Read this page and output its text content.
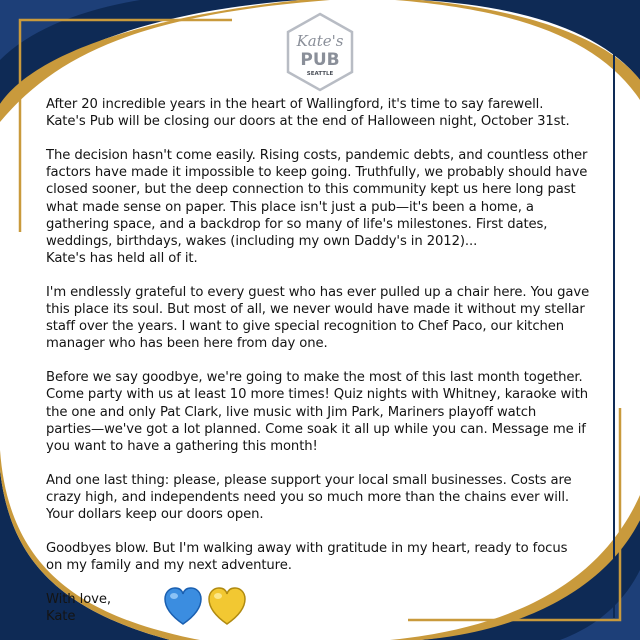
Kate's
PUB
SEATTLE

After 20 incredible years in the heart of Wallingford, it's time to say farewell.
Kate's Pub will be closing our doors at the end of Halloween night, October 31st.

The decision hasn't come easily. Rising costs, pandemic debts, and countless other
factors have made it impossible to keep going. Truthfully, we probably should have
closed sooner, but the deep connection to this community kept us here long past
what made sense on paper. This place isn't just a pub—it's been a home, a
gathering space, and a backdrop for so many of life's milestones. First dates,
weddings, birthdays, wakes (including my own Daddy's in 2012)...
Kate's has held all of it.

I'm endlessly grateful to every guest who has ever pulled up a chair here. You gave
this place its soul. But most of all, we never would have made it without my stellar
staff over the years. I want to give special recognition to Chef Paco, our kitchen
manager who has been here from day one.

Before we say goodbye, we're going to make the most of this last month together.
Come party with us at least 10 more times! Quiz nights with Whitney, karaoke with
the one and only Pat Clark, live music with Jim Park, Mariners playoff watch
parties—we've got a lot planned. Come soak it all up while you can. Message me if
you want to have a gathering this month!

And one last thing: please, please support your local small businesses. Costs are
crazy high, and independents need you so much more than the chains ever will.
Your dollars keep our doors open.

Goodbyes blow. But I'm walking away with gratitude in my heart, ready to focus
on my family and my next adventure.

With love,
Kate
